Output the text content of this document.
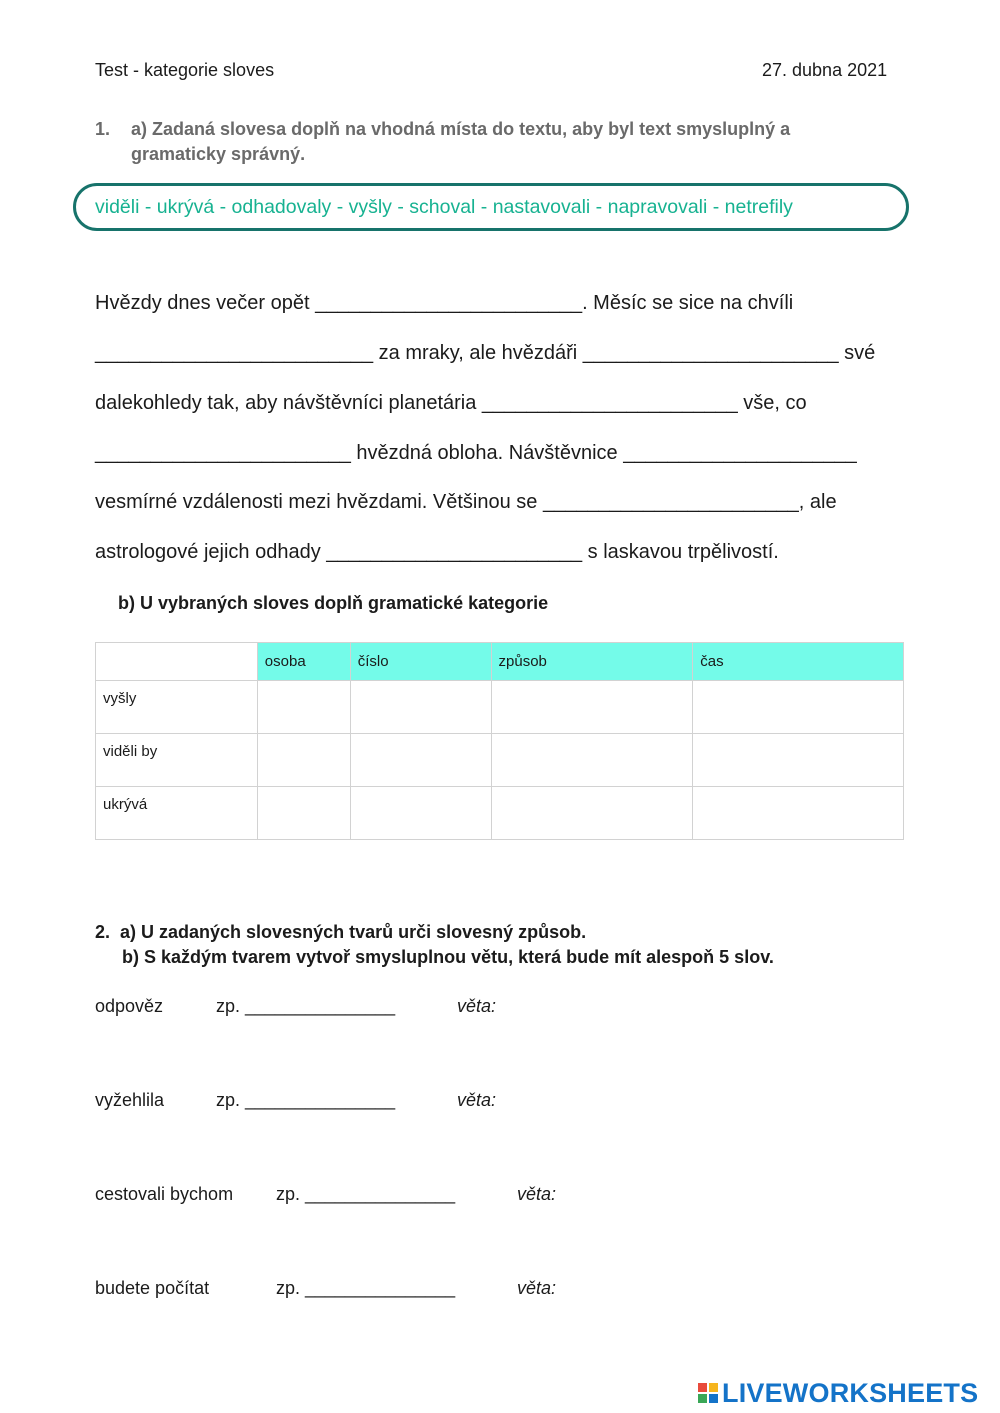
Test - kategorie sloves	27. dubna 2021
1. a) Zadaná slovesa doplň na vhodná místa do textu, aby byl text smysluplný a gramaticky správný.
viděli - ukrývá - odhadovaly - vyšly - schoval - nastavovali - napravovali - netrefily
Hvězdy dnes večer opět ________________________. Měsíc se sice na chvíli
_________________________ za mraky, ale hvězdáři _______________________ své
dalekohledy tak, aby návštěvníci planetária _______________________ vše, co
_______________________ hvězdná obloha. Návštěvnice _____________________
vesmírné vzdálenosti mezi hvězdami. Většinou se _______________________, ale
astrologové jejich odhady _______________________ s laskavou trpělivostí.
b) U vybraných sloves doplň gramatické kategorie
	osoba	číslo	způsob	čas
vyšly				
viděli by				
ukrývá				
2.  a) U zadaných slovesných tvarů urči slovesný způsob.
b) S každým tvarem vytvoř smysluplnou větu, která bude mít alespoň 5 slov.
odpověz	zp. _______________	věta:
vyžehlila	zp. _______________	věta:
cestovali bychom zp. _______________	věta:
budete počítat	zp. _______________	věta:
LIVEWORKSHEETS
